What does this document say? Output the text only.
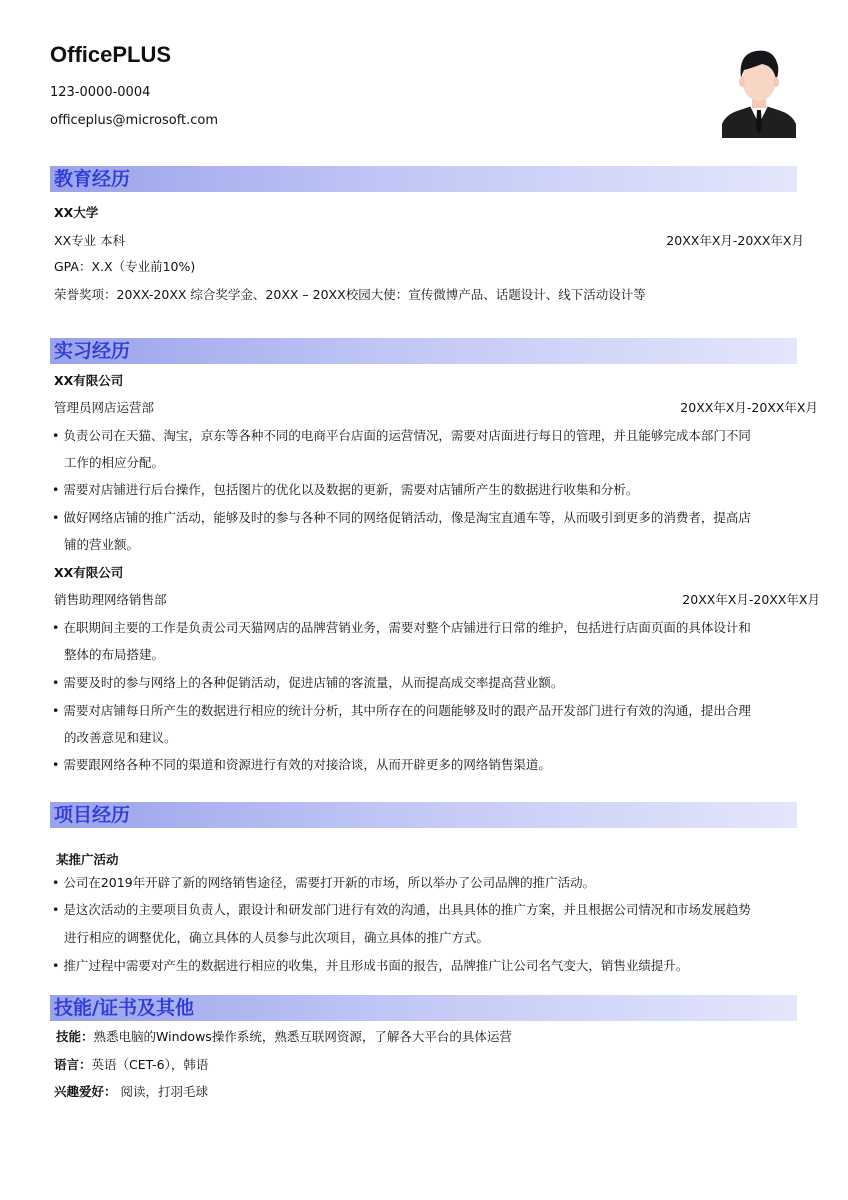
OfficePLUS
123-0000-0004
officeplus@microsoft.com
教育经历
XX大学
XX专业 本科	20XX年X月-20XX年X月
GPA：X.X（专业前10%)
荣誉奖项：20XX-20XX 综合奖学金、20XX – 20XX校园大使：宣传微博产品、话题设计、线下活动设计等
实习经历
XX有限公司
管理员网店运营部	20XX年X月-20XX年X月
• 负责公司在天猫、淘宝，京东等各种不同的电商平台店面的运营情况，需要对店面进行每日的管理，并且能够完成本部门不同
工作的相应分配。
• 需要对店铺进行后台操作，包括图片的优化以及数据的更新，需要对店铺所产生的数据进行收集和分析。
• 做好网络店铺的推广活动，能够及时的参与各种不同的网络促销活动，像是淘宝直通车等，从而吸引到更多的消费者，提高店
铺的营业额。
XX有限公司
销售助理网络销售部	20XX年X月-20XX年X月
• 在职期间主要的工作是负责公司天猫网店的品牌营销业务，需要对整个店铺进行日常的维护，包括进行店面页面的具体设计和
整体的布局搭建。
• 需要及时的参与网络上的各种促销活动，促进店铺的客流量，从而提高成交率提高营业额。
• 需要对店铺每日所产生的数据进行相应的统计分析，其中所存在的问题能够及时的跟产品开发部门进行有效的沟通，提出合理
的改善意见和建议。
• 需要跟网络各种不同的渠道和资源进行有效的对接洽谈，从而开辟更多的网络销售渠道。
项目经历
某推广活动
• 公司在2019年开辟了新的网络销售途径，需要打开新的市场，所以举办了公司品牌的推广活动。
• 是这次活动的主要项目负责人，跟设计和研发部门进行有效的沟通，出具具体的推广方案，并且根据公司情况和市场发展趋势
进行相应的调整优化，确立具体的人员参与此次项目，确立具体的推广方式。
• 推广过程中需要对产生的数据进行相应的收集，并且形成书面的报告，品牌推广让公司名气变大，销售业绩提升。
技能/证书及其他
技能：熟悉电脑的Windows操作系统，熟悉互联网资源，了解各大平台的具体运营
语言：英语（CET-6），韩语
兴趣爱好： 阅读，打羽毛球
